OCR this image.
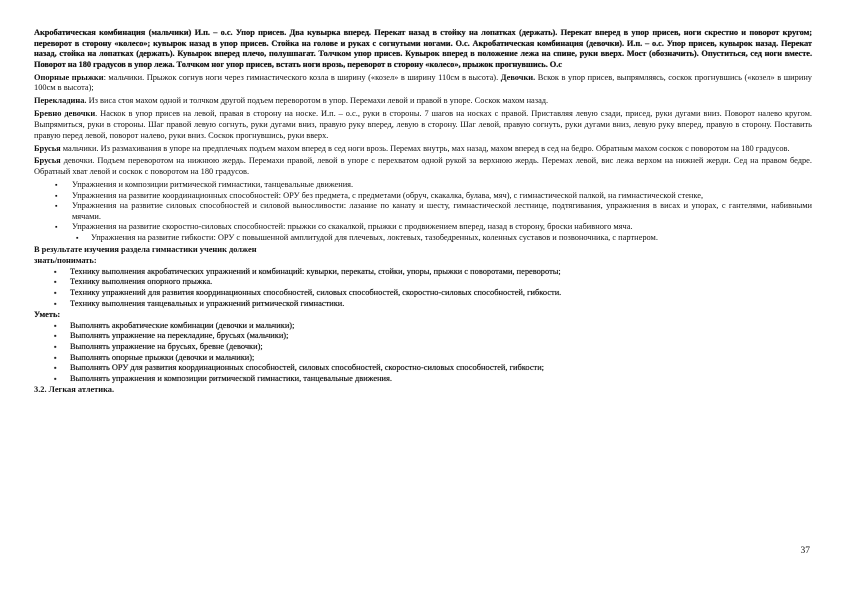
Акробатическая комбинация (мальчики) И.п. – о.с. Упор присев. Два кувырка вперед. Перекат назад в стойку на лопатках (держать). Перекат вперед в упор присев, ноги скрестно и поворот кругом; переворот в сторону «колесо»; кувырок назад в упор присев. Стойка на голове и руках с согнутыми ногами. О.с. Акробатическая комбинация (девочки). И.п. – о.с. Упор присев, кувырок назад. Перекат назад, стойка на лопатках (держать). Кувырок вперед плечо, полушпагат. Толчком упор присев. Кувырок вперед в положение лежа на спине, руки вверх. Мост (обозначить). Опуститься, сед ноги вместе. Поворот на 180 градусов в упор лежа. Толчком ног упор присев, встать ноги врозь, переворот в сторону «колесо», прыжок прогнувшись. О.с

Опорные прыжки: мальчики. Прыжок согнув ноги через гимнастического козла в ширину («козел» в ширину 110см в высота). Девочки. Вскок в упор присев, выпрямляясь, соскок прогнувшись («козел» в ширину 100см в высота);

Перекладина. Из виса стоя махом одной и толчком другой подъем переворотом в упор. Перемахи левой и правой в упоре. Соскок махом назад.

Бревно девочки. Наскок в упор присев на левой, правая в сторону на носке. И.п. – о.с., руки в стороны. 7 шагов на носках с правой. Приставляя левую сзади, присед, руки дугами вниз. Поворот налево кругом. Выпрямиться, руки в стороны. Шаг правой левую согнуть, руки дугами вниз, правую руку вперед, левую в сторону. Шаг левой, правую согнуть, руки дугами вниз, левую руку вперед, правую в сторону. Поставить правую перед левой, поворот налево, руки вниз. Соскок прогнувшись, руки вверх.

Брусья мальчики. Из размахивания в упоре на предплечьях подъем махом вперед в сед ноги врозь. Перемах внутрь, мах назад, махом вперед в сед на бедро. Обратным махом соскок с поворотом на 180 градусов.

Брусья девочки. Подъем переворотом на нижнюю жердь. Перемахи правой, левой в упоре с перехватом одной рукой за верхнюю жердь. Перемах левой, вис лежа верхом на нижней жерди. Сед на правом бедре. Обратный хват левой и соскок с поворотом на 180 градусов.

▪ Упражнения и композиции ритмической гимнастики, танцевальные движения.
▪ Упражнения на развитие координационных способностей: ОРУ без предмета, с предметами (обруч, скакалка, булава, мяч), с гимнастической палкой, на гимнастической стенке,
▪ Упражнения на развитие силовых способностей и силовой выносливости: лазание по канату и шесту, гимнастической лестнице, подтягивания, упражнения в висах и упорах, с гантелями, набивными мячами.
▪ Упражнения на развитие скоростно-силовых способностей: прыжки со скакалкой, прыжки с продвижением вперед, назад в сторону, броски набивного мяча.
▪ Упражнения на развитие гибкости: ОРУ с повышенной амплитудой для плечевых, локтевых, тазобедренных, коленных суставов и позвоночника, с партнером.
В результате изучения раздела гимнастики ученик должен
знать/понимать:
▪ Технику выполнения акробатических упражнений и комбинаций: кувырки, перекаты, стойки, упоры, прыжки с поворотами, перевороты;
▪ Технику выполнения опорного прыжка.
▪ Технику упражнений для развития координационных способностей, силовых способностей, скоростно-силовых способностей, гибкости.
▪ Технику выполнения танцевальных и упражнений ритмической гимнастики.
Уметь:
▪ Выполнять акробатические комбинации (девочки и мальчики);
▪ Выполнять упражнение на перекладине, брусьях (мальчики);
▪ Выполнять упражнение на брусьях, бревне (девочки);
▪ Выполнять опорные прыжки (девочки и мальчики);
▪ Выполнять ОРУ для развития координационных способностей, силовых способностей, скоростно-силовых способностей, гибкости;
▪ Выполнять упражнения и композиции ритмической гимнастики, танцевальные движения.
3.2. Легкая атлетика.
37
